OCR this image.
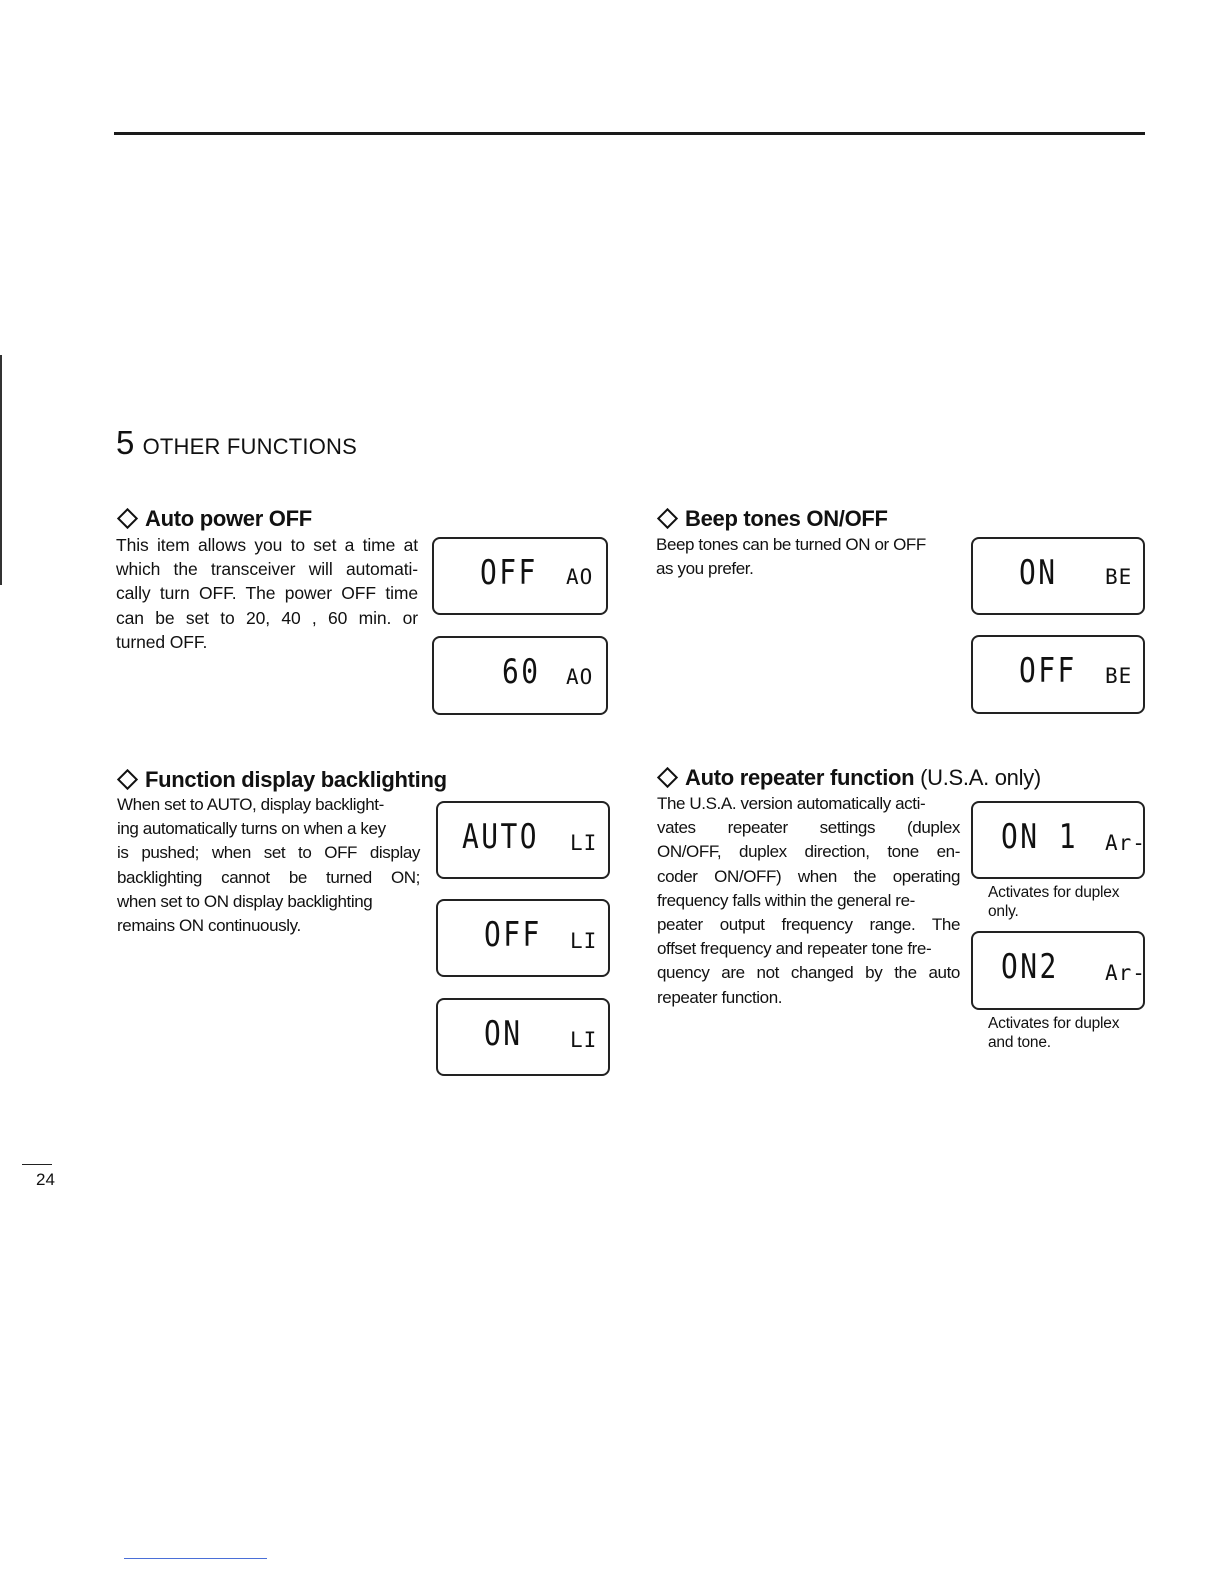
5 OTHER FUNCTIONS
Auto power OFF
This item allows you to set a time at
which the transceiver will automati-
cally turn OFF. The power OFF time
can be set to 20, 40 , 60 min. or
turned OFF.
OFF AO
60 AO
Beep tones ON/OFF
Beep tones can be turned ON or OFF
as you prefer.	ON BE
OFF BE
Function display backlighting
When set to AUTO, display backlight-
ing automatically turns on when a key
is pushed; when set to OFF display
backlighting cannot be turned ON;
when set to ON display backlighting
remains ON continuously.
AUTO LI
OFF LI
ON LI
Auto repeater function (U.S.A. only)
The U.S.A. version automatically acti-
vates repeater settings (duplex
ON/OFF, duplex direction, tone en-
coder ON/OFF) when the operating
frequency falls within the general re-
peater output frequency range. The
offset frequency and repeater tone fre-
quency are not changed by the auto
repeater function.
ON 1 Ar-
Activates for duplex
only.
ON2 Ar-
Activates for duplex
and tone.
24
